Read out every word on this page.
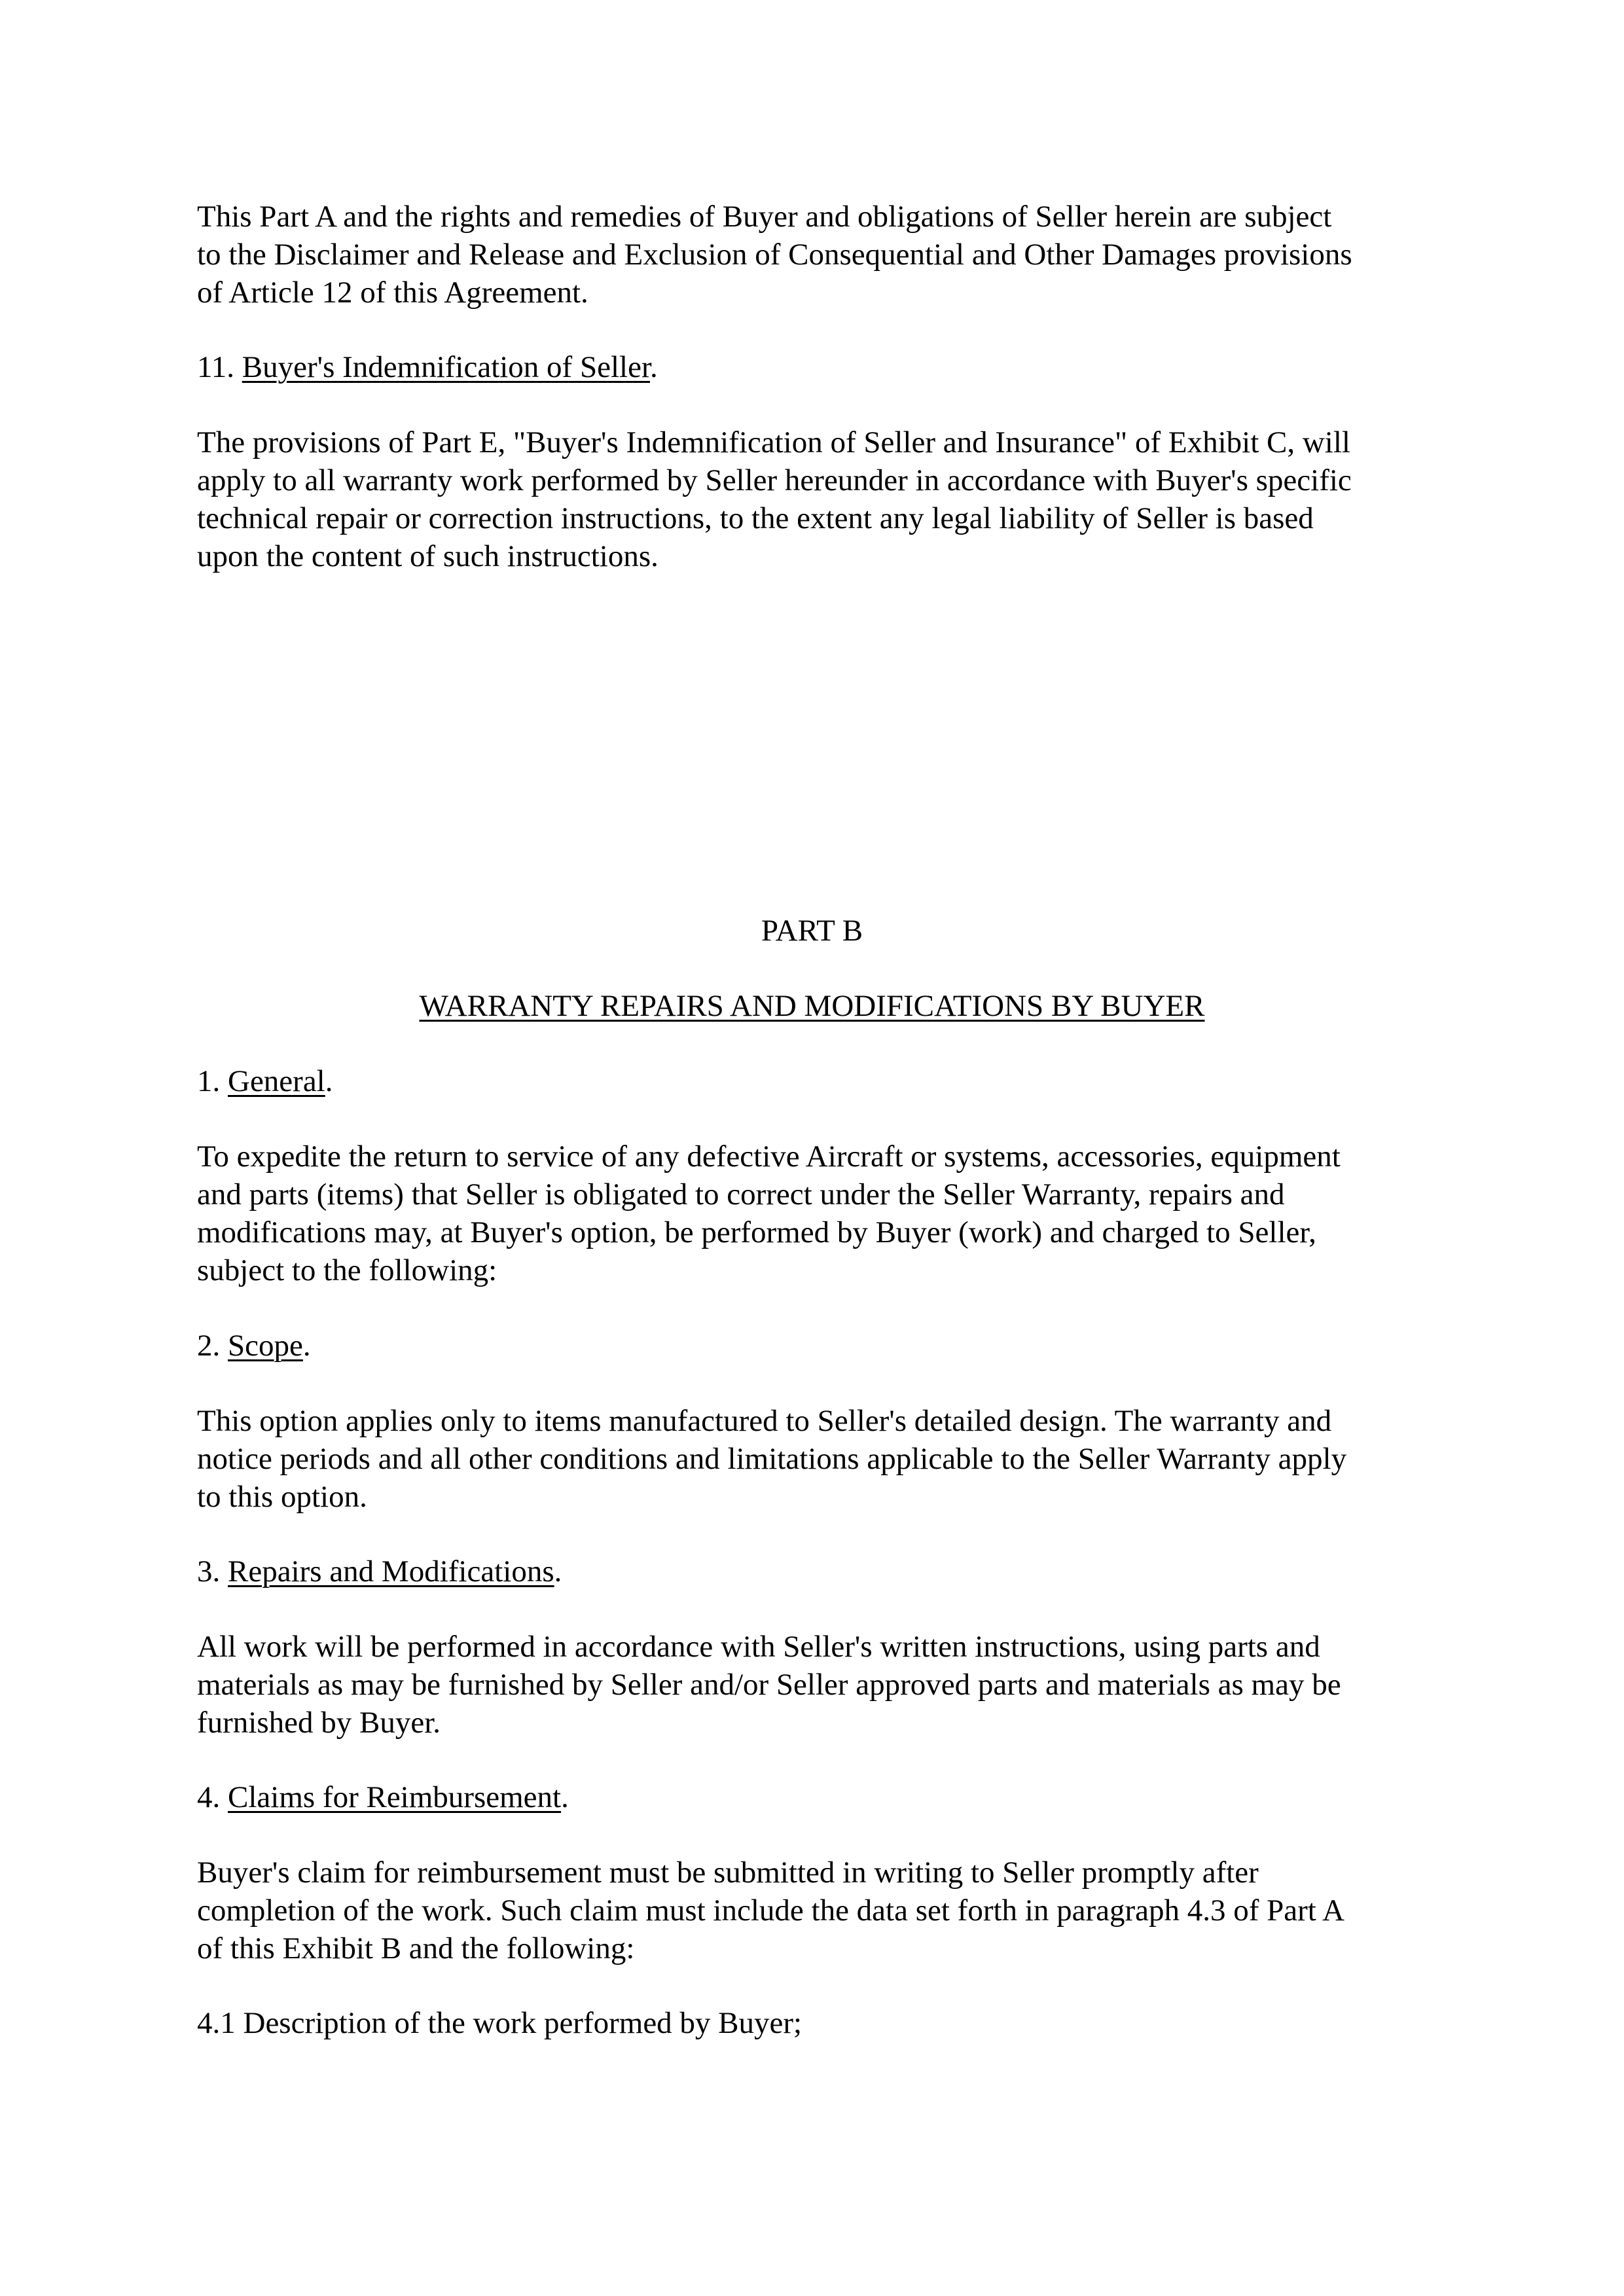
This Part A and the rights and remedies of Buyer and obligations of Seller herein are subject
to the Disclaimer and Release and Exclusion of Consequential and Other Damages provisions
of Article 12 of this Agreement.

11. Buyer's Indemnification of Seller.

The provisions of Part E, "Buyer's Indemnification of Seller and Insurance" of Exhibit C, will
apply to all warranty work performed by Seller hereunder in accordance with Buyer's specific
technical repair or correction instructions, to the extent any legal liability of Seller is based
upon the content of such instructions.

PART B

WARRANTY REPAIRS AND MODIFICATIONS BY BUYER

1. General.

To expedite the return to service of any defective Aircraft or systems, accessories, equipment
and parts (items) that Seller is obligated to correct under the Seller Warranty, repairs and
modifications may, at Buyer's option, be performed by Buyer (work) and charged to Seller,
subject to the following:

2. Scope.

This option applies only to items manufactured to Seller's detailed design. The warranty and
notice periods and all other conditions and limitations applicable to the Seller Warranty apply
to this option.

3. Repairs and Modifications.

All work will be performed in accordance with Seller's written instructions, using parts and
materials as may be furnished by Seller and/or Seller approved parts and materials as may be
furnished by Buyer.

4. Claims for Reimbursement.

Buyer's claim for reimbursement must be submitted in writing to Seller promptly after
completion of the work. Such claim must include the data set forth in paragraph 4.3 of Part A
of this Exhibit B and the following:

4.1 Description of the work performed by Buyer;
